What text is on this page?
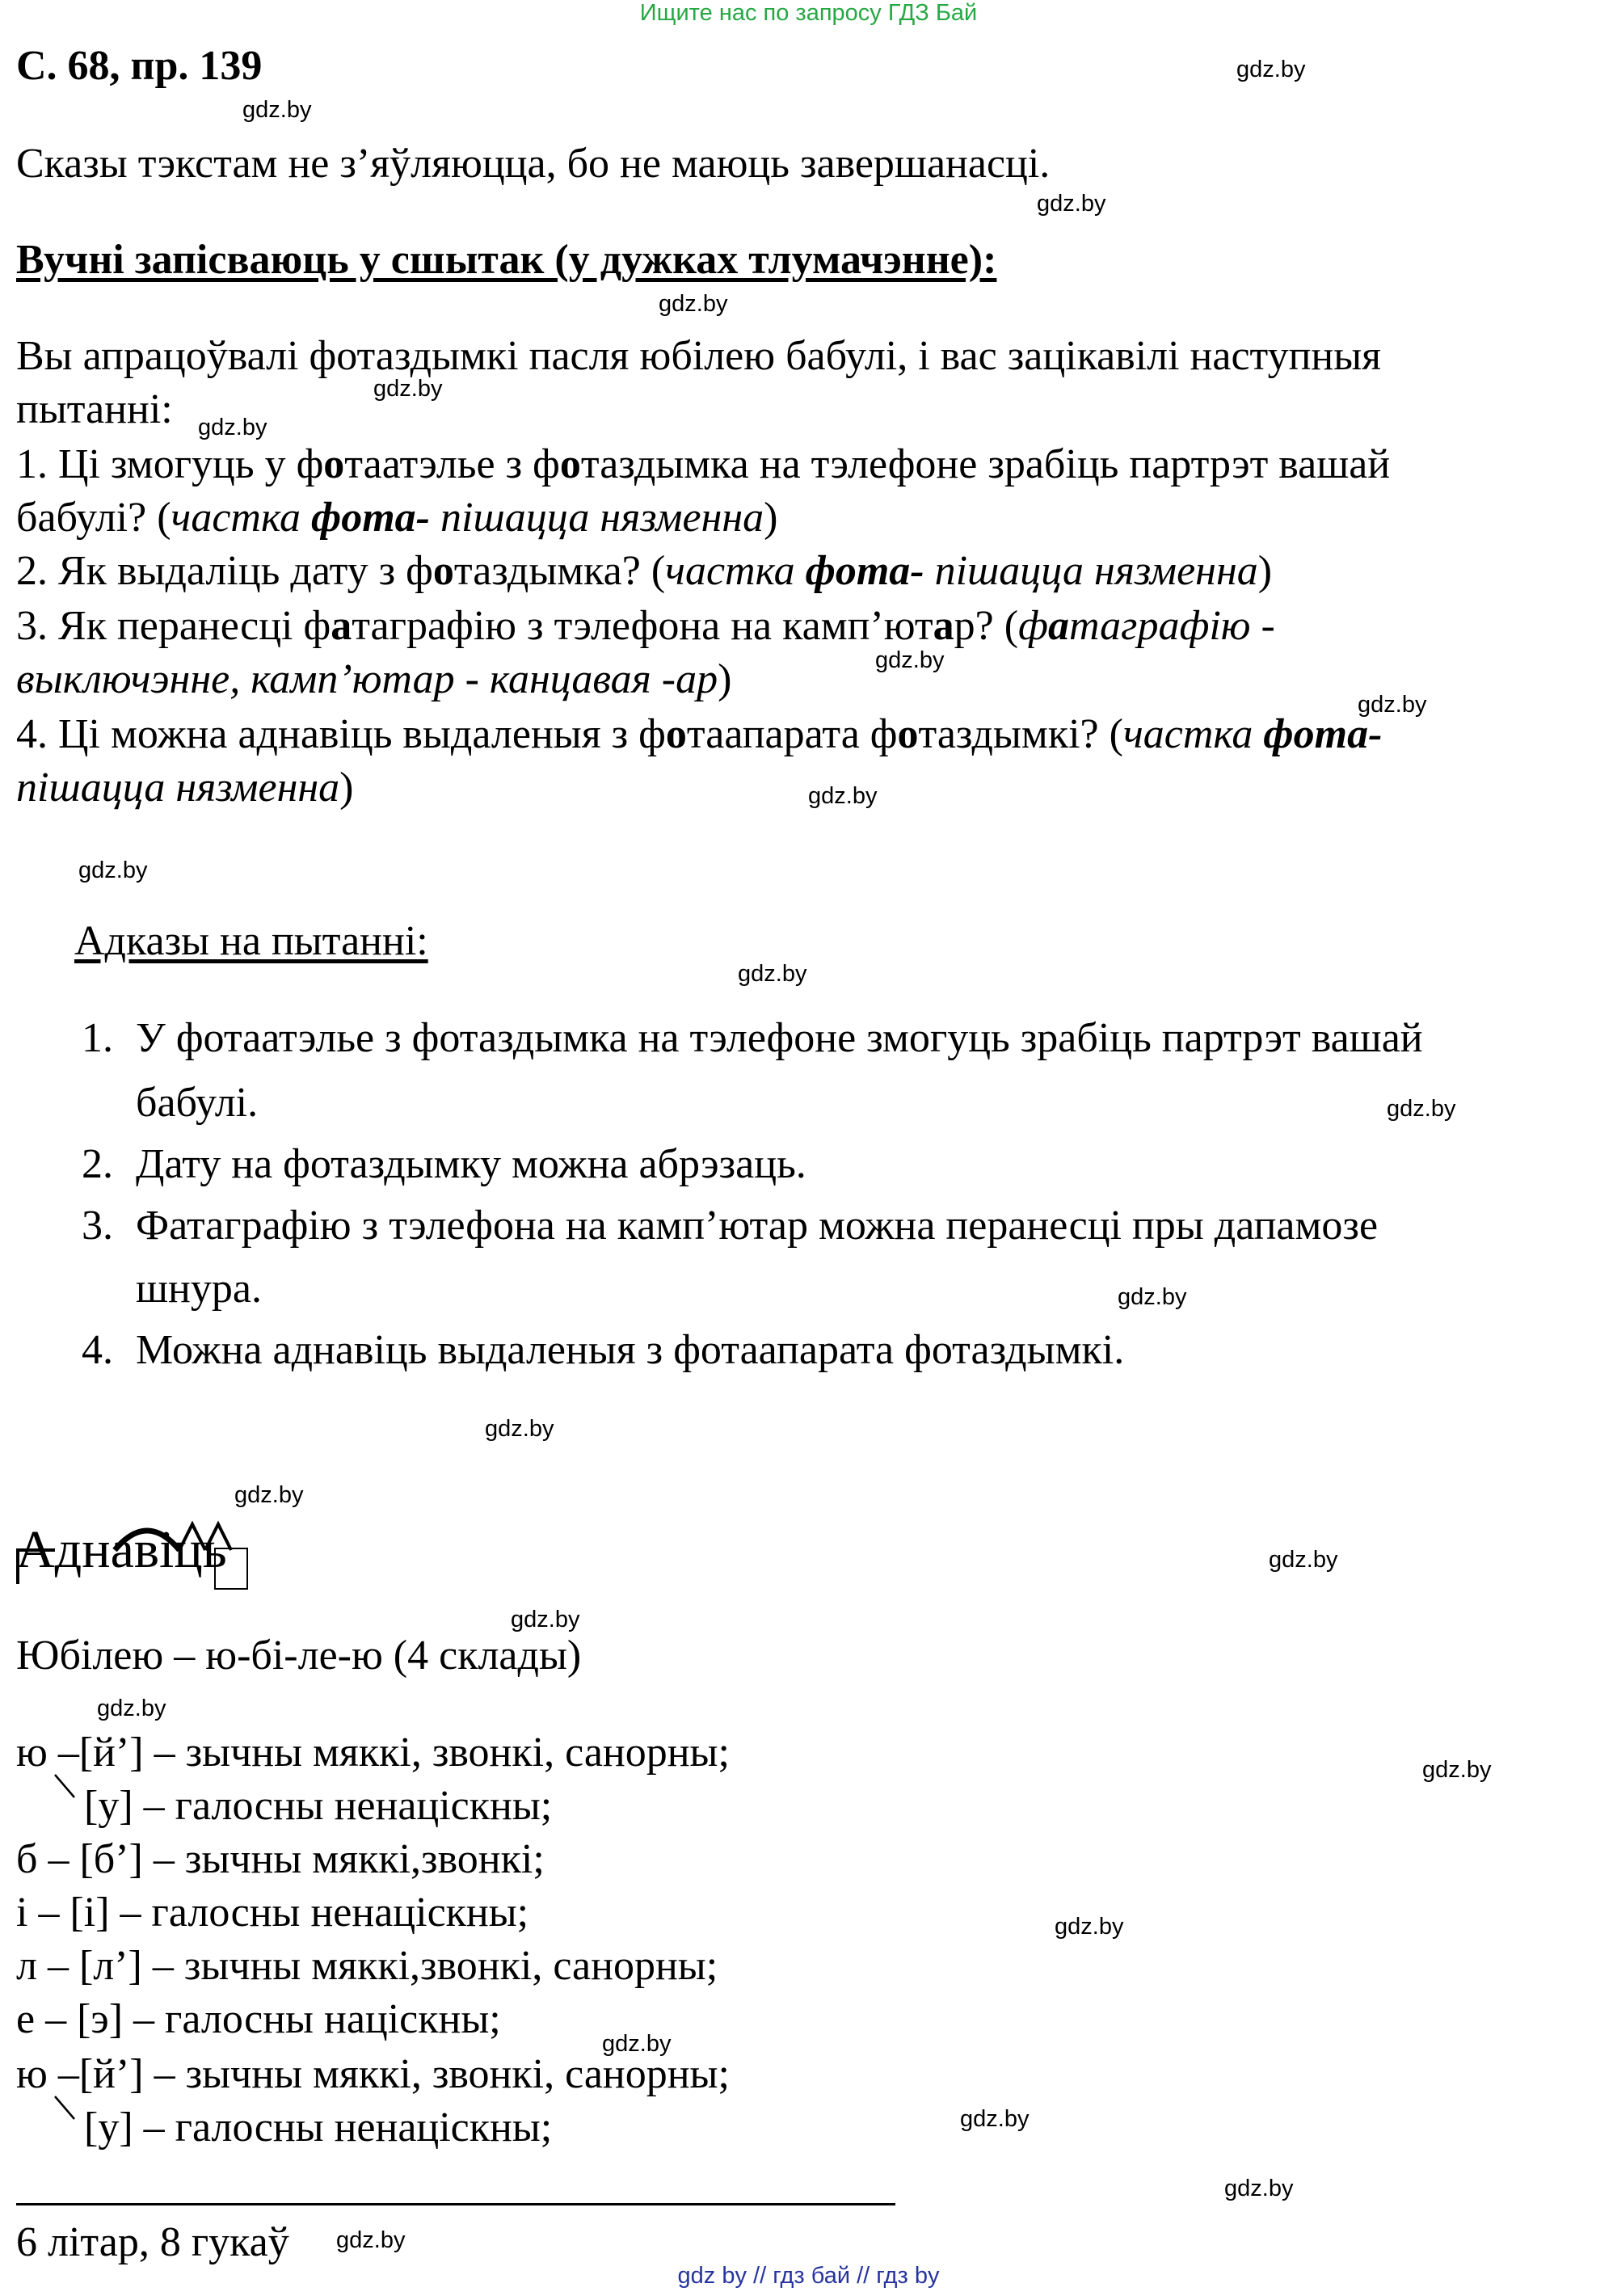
Ищите нас по запросу ГДЗ Бай
gdz by // гдз бай // гдз by
С. 68, пр. 139
Сказы тэкстам не з’яўляюцца, бо не маюць завершанасці.
Вучні запісваюць у сшытак (у дужках тлумачэнне):
Вы апрацоўвалі фотаздымкі пасля юбілею бабулі, і вас зацікавілі наступныя
пытанні:
1. Ці змогуць у фотаатэлье з фотаздымка на тэлефоне зрабіць партрэт вашай
бабулі? (частка фота- пішацца нязменна)
2. Як выдаліць дату з фотаздымка? (частка фота- пішацца нязменна)
3. Як перанесці фатаграфію з тэлефона на камп’ютар? (фатаграфію -
выключэнне, камп’ютар - канцавая -ар)
4. Ці можна аднавіць выдаленыя з фотаапарата фотаздымкі? (частка фота-
пішацца нязменна)
Адказы на пытанні:
1. У фотаатэлье з фотаздымка на тэлефоне змогуць зрабіць партрэт вашай
бабулі.
2. Дату на фотаздымку можна абрэзаць.
3. Фатаграфію з тэлефона на камп’ютар можна перанесці пры дапамозе
шнура.
4. Можна аднавіць выдаленыя з фотаапарата фотаздымкі.
Аднавіць
Юбілею – ю-бі-ле-ю (4 склады)
ю –[й’] – зычны мяккі, звонкі, санорны;
[у] – галосны ненаціскны;
б – [б’] – зычны мяккі,звонкі;
і – [і] – галосны ненаціскны;
л – [л’] – зычны мяккі,звонкі, санорны;
е – [э] – галосны націскны;
ю –[й’] – зычны мяккі, звонкі, санорны;
[у] – галосны ненаціскны;
6 літар, 8 гукаў
gdz.by
gdz.by
gdz.by
gdz.by
gdz.by
gdz.by
gdz.by
gdz.by
gdz.by
gdz.by
gdz.by
gdz.by
gdz.by
gdz.by
gdz.by
gdz.by
gdz.by
gdz.by
gdz.by
gdz.by
gdz.by
gdz.by
gdz.by
gdz.by
